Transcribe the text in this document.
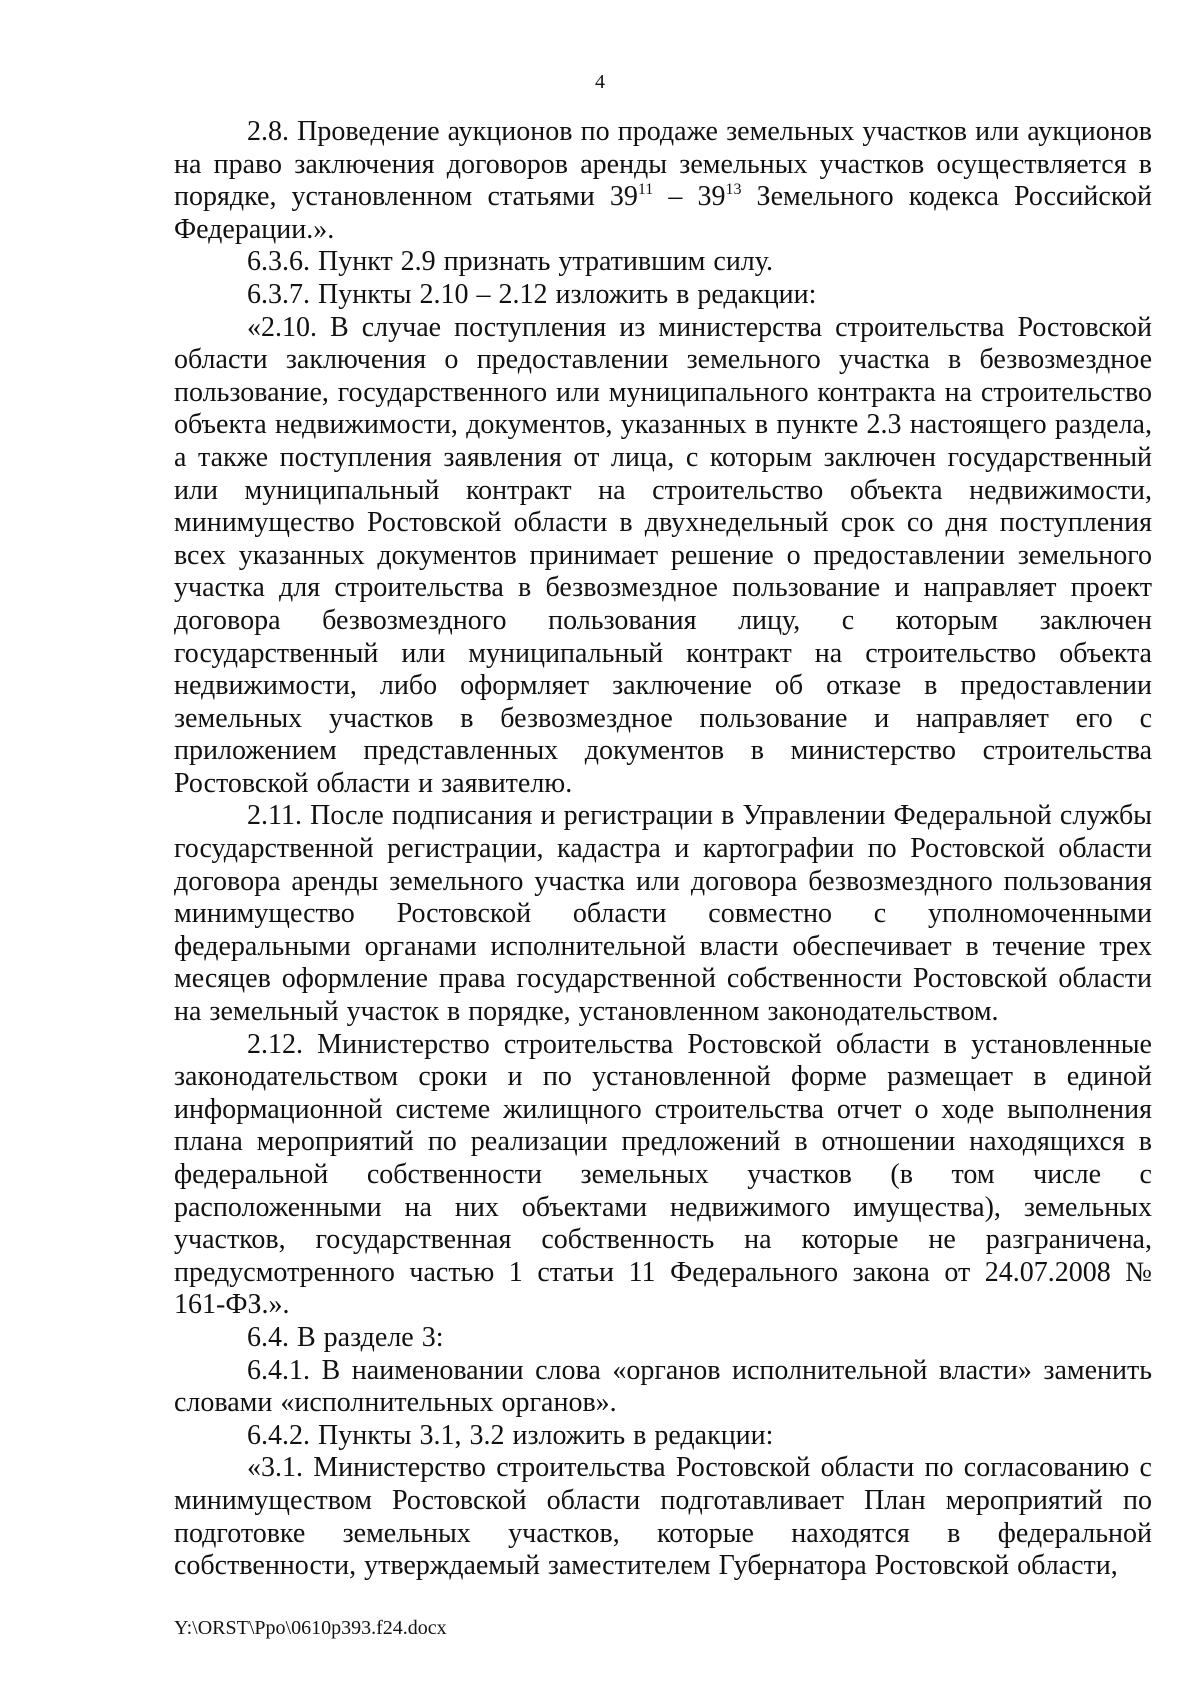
4

2.8. Проведение аукционов по продаже земельных участков или аукционов на право заключения договоров аренды земельных участков осуществляется в порядке, установленном статьями $39^{11} - 39^{13}$ Земельного кодекса Российской Федерации.».

6.3.6. Пункт 2.9 признать утратившим силу.

6.3.7. Пункты 2.10 – 2.12 изложить в редакции:

«2.10. В случае поступления из министерства строительства Ростовской области заключения о предоставлении земельного участка в безвозмездное пользование, государственного или муниципального контракта на строительство объекта недвижимости, документов, указанных в пункте 2.3 настоящего раздела, а также поступления заявления от лица, с которым заключен государственный или муниципальный контракт на строительство объекта недвижимости, минимущество Ростовской области в двухнедельный срок со дня поступления всех указанных документов принимает решение о предоставлении земельного участка для строительства в безвозмездное пользование и направляет проект договора безвозмездного пользования лицу, с которым заключен государственный или муниципальный контракт на строительство объекта недвижимости, либо оформляет заключение об отказе в предоставлении земельных участков в безвозмездное пользование и направляет его с приложением представленных документов в министерство строительства Ростовской области и заявителю.

2.11. После подписания и регистрации в Управлении Федеральной службы государственной регистрации, кадастра и картографии по Ростовской области договора аренды земельного участка или договора безвозмездного пользования минимущество Ростовской области совместно с уполномоченными федеральными органами исполнительной власти обеспечивает в течение трех месяцев оформление права государственной собственности Ростовской области на земельный участок в порядке, установленном законодательством.

2.12. Министерство строительства Ростовской области в установленные законодательством сроки и по установленной форме размещает в единой информационной системе жилищного строительства отчет о ходе выполнения плана мероприятий по реализации предложений в отношении находящихся в федеральной собственности земельных участков (в том числе с расположенными на них объектами недвижимого имущества), земельных участков, государственная собственность на которые не разграничена, предусмотренного частью 1 статьи 11 Федерального закона от 24.07.2008 № 161-ФЗ.».

6.4. В разделе 3:

6.4.1. В наименовании слова «органов исполнительной власти» заменить словами «исполнительных органов».

6.4.2. Пункты 3.1, 3.2 изложить в редакции:

«3.1. Министерство строительства Ростовской области по согласованию с минимуществом Ростовской области подготавливает План мероприятий по подготовке земельных участков, которые находятся в федеральной собственности, утверждаемый заместителем Губернатора Ростовской области,

Y:\ORST\Ppo\0610p393.f24.docx
